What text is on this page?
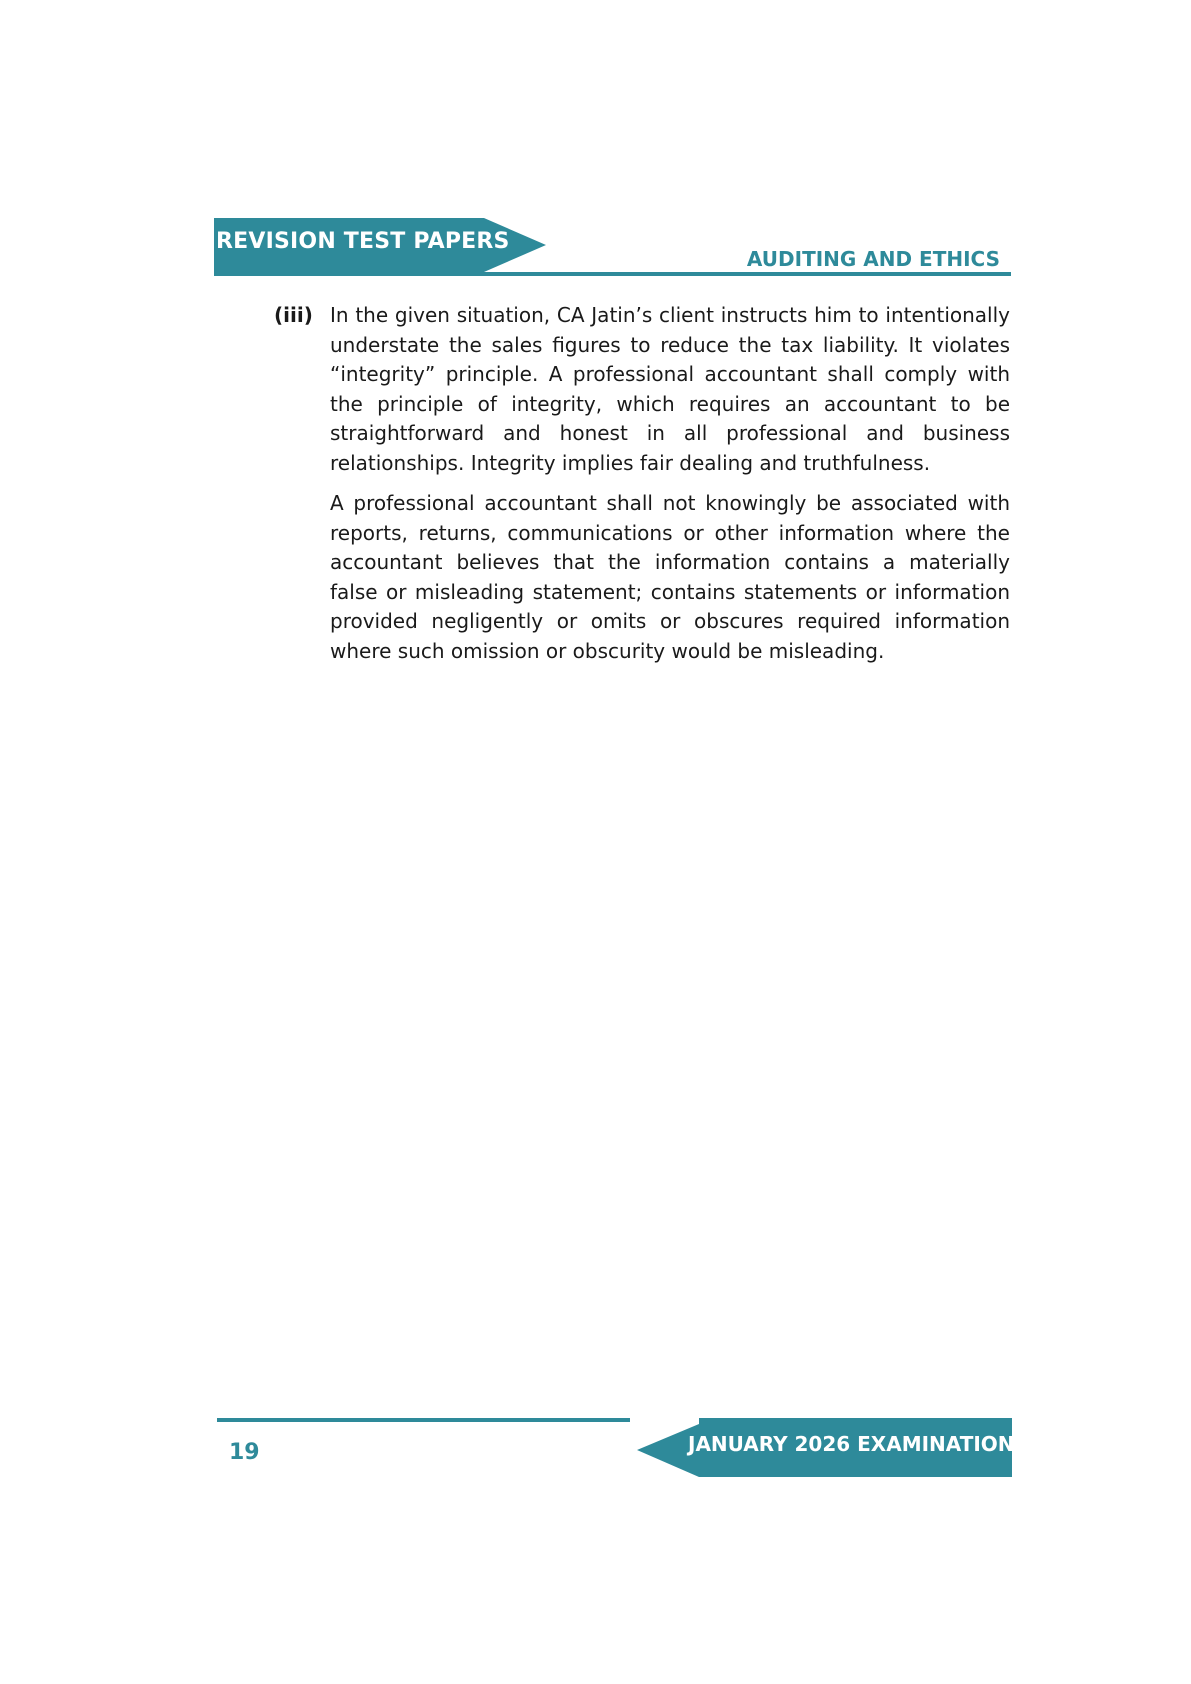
REVISION TEST PAPERS
AUDITING AND ETHICS
(iii) In the given situation, CA Jatin’s client instructs him to intentionally understate the sales figures to reduce the tax liability. It violates “integrity” principle. A professional accountant shall comply with the principle of integrity, which requires an accountant to be straightforward and honest in all professional and business relationships. Integrity implies fair dealing and truthfulness.

A professional accountant shall not knowingly be associated with reports, returns, communications or other information where the accountant believes that the information contains a materially false or misleading statement; contains statements or information provided negligently or omits or obscures required information where such omission or obscurity would be misleading.

JANUARY 2026 EXAMINATION
19
